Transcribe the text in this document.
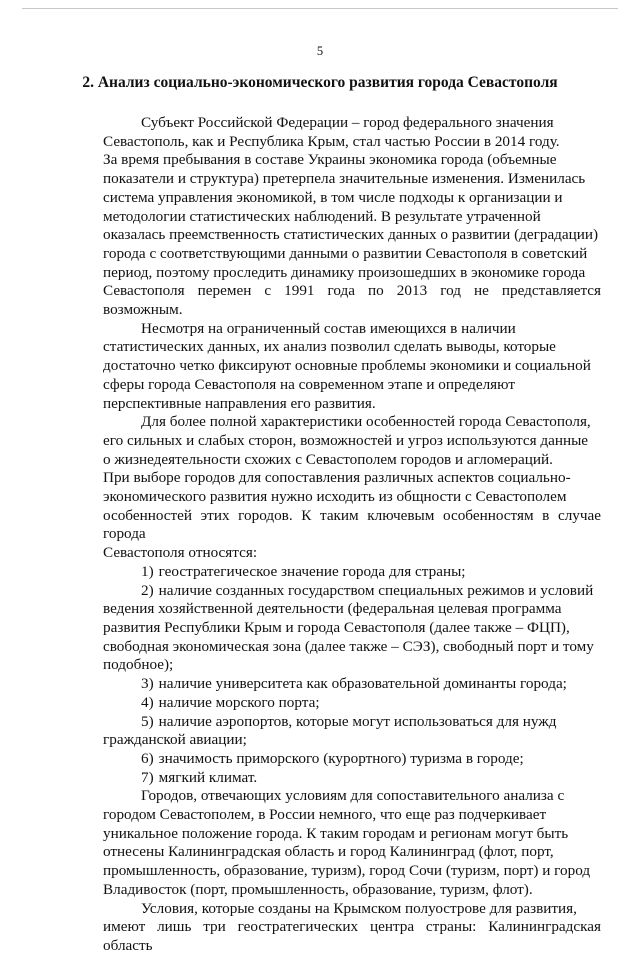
5
2. Анализ социально-экономического развития города Севастополя

Субъект Российской Федерации – город федерального значения
Севастополь, как и Республика Крым, стал частью России в 2014 году.
За время пребывания в составе Украины экономика города (объемные
показатели и структура) претерпела значительные изменения. Изменилась
система управления экономикой, в том числе подходы к организации и
методологии статистических наблюдений. В результате утраченной
оказалась преемственность статистических данных о развитии (деградации)
города с соответствующими данными о развитии Севастополя в советский
период, поэтому проследить динамику произошедших в экономике города
Севастополя перемен с 1991 года по 2013 год не представляется возможным.

Несмотря на ограниченный состав имеющихся в наличии
статистических данных, их анализ позволил сделать выводы, которые
достаточно четко фиксируют основные проблемы экономики и социальной
сферы города Севастополя на современном этапе и определяют
перспективные направления его развития.

Для более полной характеристики особенностей города Севастополя,
его сильных и слабых сторон, возможностей и угроз используются данные
о жизнедеятельности схожих с Севастополем городов и агломераций.
При выборе городов для сопоставления различных аспектов социально-
экономического развития нужно исходить из общности с Севастополем
особенностей этих городов. К таким ключевым особенностям в случае города
Севастополя относятся:

1) геостратегическое значение города для страны;

2) наличие созданных государством специальных режимов и условий
ведения хозяйственной деятельности (федеральная целевая программа
развития Республики Крым и города Севастополя (далее также – ФЦП),
свободная экономическая зона (далее также – СЭЗ), свободный порт и тому
подобное);

3) наличие университета как образовательной доминанты города;

4) наличие морского порта;

5) наличие аэропортов, которые могут использоваться для нужд
гражданской авиации;

6) значимость приморского (курортного) туризма в городе;

7) мягкий климат.

Городов, отвечающих условиям для сопоставительного анализа с
городом Севастополем, в России немного, что еще раз подчеркивает
уникальное положение города. К таким городам и регионам могут быть
отнесены Калининградская область и город Калининград (флот, порт,
промышленность, образование, туризм), город Сочи (туризм, порт) и город
Владивосток (порт, промышленность, образование, туризм, флот).

Условия, которые созданы на Крымском полуострове для развития,
имеют лишь три геостратегических центра страны: Калининградская область
